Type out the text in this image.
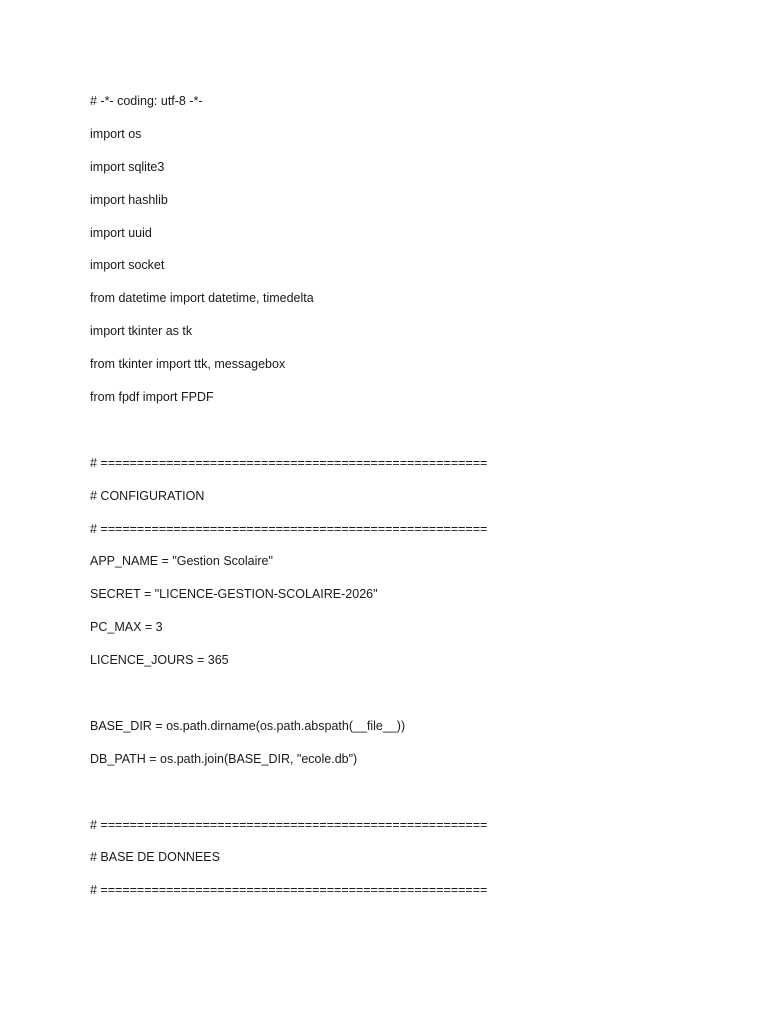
# -*- coding: utf-8 -*-
import os
import sqlite3
import hashlib
import uuid
import socket
from datetime import datetime, timedelta
import tkinter as tk
from tkinter import ttk, messagebox
from fpdf import FPDF
# =====================================================
# CONFIGURATION
# =====================================================
APP_NAME = "Gestion Scolaire"
SECRET = "LICENCE-GESTION-SCOLAIRE-2026"
PC_MAX = 3
LICENCE_JOURS = 365
BASE_DIR = os.path.dirname(os.path.abspath(__file__))
DB_PATH = os.path.join(BASE_DIR, "ecole.db")
# =====================================================
# BASE DE DONNEES
# =====================================================
